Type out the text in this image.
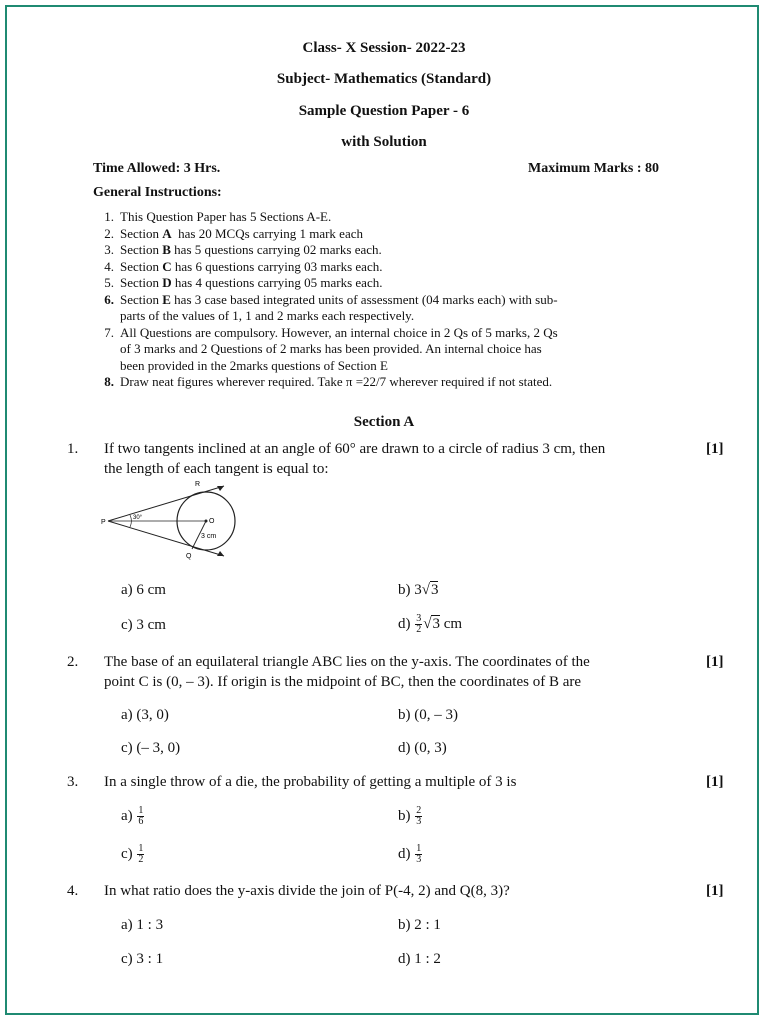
Class- X Session- 2022-23
Subject- Mathematics (Standard)
Sample Question Paper - 6
with Solution
Time Allowed: 3 Hrs.	Maximum Marks : 80
General Instructions:
1. This Question Paper has 5 Sections A-E.
2. Section A  has 20 MCQs carrying 1 mark each
3. Section B has 5 questions carrying 02 marks each.
4. Section C has 6 questions carrying 03 marks each.
5. Section D has 4 questions carrying 05 marks each.
6. Section E has 3 case based integrated units of assessment (04 marks each) with sub-
parts of the values of 1, 1 and 2 marks each respectively.
7. All Questions are compulsory. However, an internal choice in 2 Qs of 5 marks, 2 Qs
of 3 marks and 2 Questions of 2 marks has been provided. An internal choice has
been provided in the 2marks questions of Section E
8. Draw neat figures wherever required. Take π =22/7 wherever required if not stated.
Section A
1. If two tangents inclined at an angle of 60° are drawn to a circle of radius 3 cm, then
the length of each tangent is equal to:
[1]
P
R
O
Q
3 cm
30°
a) 6 cm	b) 3√3
c) 3 cm	$d) \frac{3}{2} √3$ cm
2. The base of an equilateral triangle ABC lies on the y-axis. The coordinates of the
point C is (0, – 3). If origin is the midpoint of BC, then the coordinates of B are
[1]
a) (3, 0)	b) (0, – 3)
c) (– 3, 0)	d) (0, 3)
3. In a single throw of a die, the probability of getting a multiple of 3 is	[1]
$a) \frac{1}{6}$	$b) \frac{2}{3}$
$c) \frac{1}{2}$	$d) \frac{1}{3}$
4. In what ratio does the y-axis divide the join of P(-4, 2) and Q(8, 3)?	[1]
a) 1 : 3	b) 2 : 1
c) 3 : 1	d) 1 : 2
